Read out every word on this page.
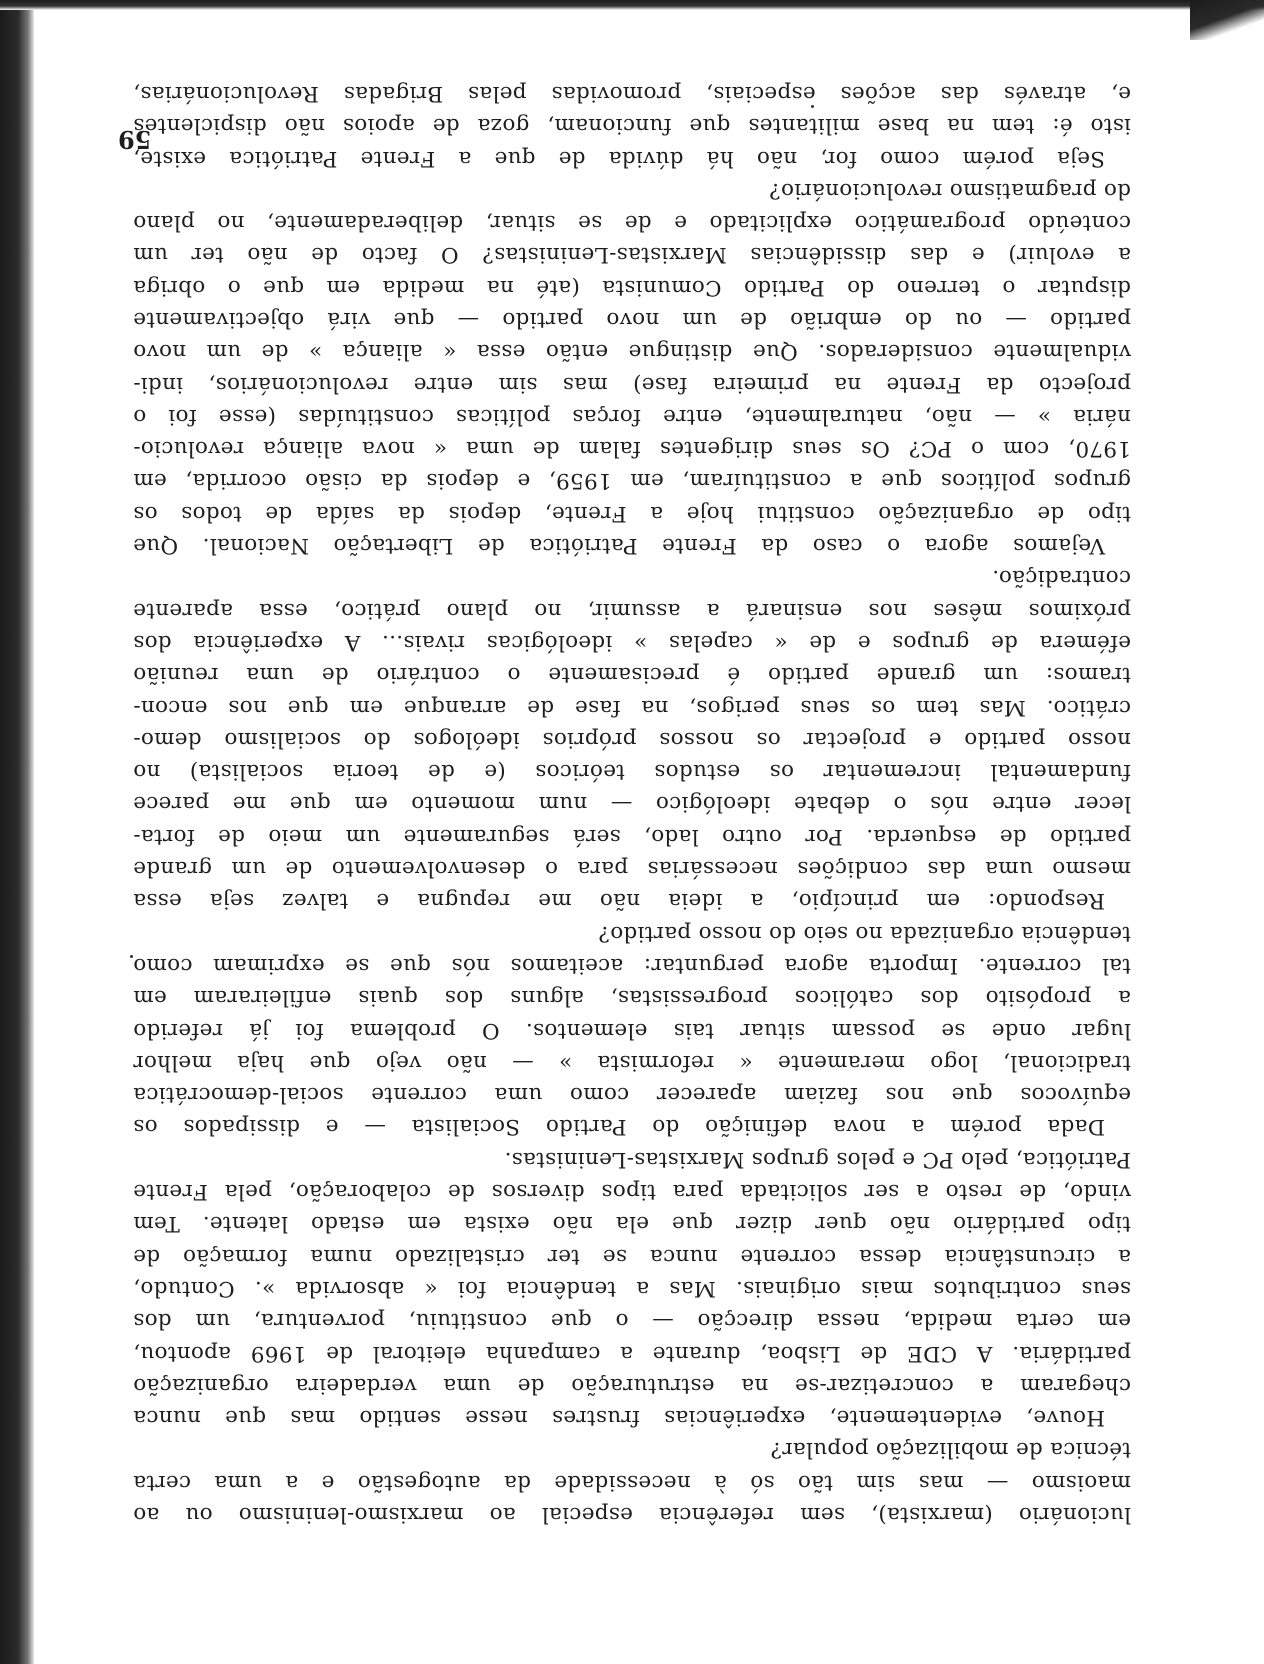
59
lucionário (marxista), sem referência especial ao marxismo-leninismo ou ao
maoismo — mas sim tão só à necessidade da autogestão e a uma certa
técnica de mobilização popular?
Houve, evidentemente, experiências frustres nesse sentido mas que nunca
chegaram a concretizar-se na estruturação de uma verdadeira organização
partidária. A CDE de Lisboa, durante a campanha eleitoral de 1969 apontou,
em certa medida, nessa direcção — o que constituiu, porventura, um dos
seus contributos mais originais. Mas a tendência foi « absorvida ». Contudo,
a circunstância dessa corrente nunca se ter cristalizado numa formação de
tipo partidário não quer dizer que ela não exista em estado latente. Tem
vindo, de resto a ser solicitada para tipos diversos de colaboração, pela Frente
Patriótica, pelo PC e pelos grupos Marxistas-Leninistas.
Dada porém a nova definição do Partido Socialista — e dissipados os
equívocos que nos faziam aparecer como uma corrente social-democrática
tradicional, logo meramente « reformista » — não vejo que haja melhor
lugar onde se possam situar tais elementos. O problema foi já referido
a propósito dos católicos progressistas, alguns dos quais enfileiraram em
tal corrente. Importa agora perguntar: aceitamos nós que se exprimam como
tendência organizada no seio do nosso partido?
Respondo: em princípio, a ideia não me repugna e talvez seja essa
mesmo uma das condições necessárias para o desenvolvemento de um grande
partido de esquerda. Por outro lado, será seguramente um meio de forta-
lecer entre nós o debate ideológico — num momento em que me parece
fundamental incrementar os estudos teóricos (e de teoria socialista) no
nosso partido e projectar os nossos próprios ideólogos do socialismo demo-
crático. Mas tem os seus perigos, na fase de arranque em que nos encon-
tramos: um grande partido é precisamente o contrário de uma reunião
efémera de grupos e de « capelas » ideológicas rivais... A experiência dos
próximos mêses nos ensinará a assumir, no plano prático, essa aparente
contradição.
Vejamos agora o caso da Frente Patriótica de Libertação Nacional. Que
tipo de organização constitui hoje a Frente, depois da saída de todos os
grupos políticos que a constituíram, em 1959, e depois da cisão ocorrida, em
1970, com o PC? Os seus dirigentes falam de uma « nova aliança revolucio-
nária » — não, naturalmente, entre forças políticas constituídas (esse foi o
projecto da Frente na primeira fase) mas sim entre revolucionários, indi-
vidualmente considerados. Que distingue então essa « aliança » de um novo
partido — ou do embrião de um novo partido — que virá objectivamente
disputar o terreno do Partido Comunista (até na medida em que o obriga
a evoluir) e das dissidências Marxistas-Leninistas? O facto de não ter um
conteúdo programático explicitado e de se situar, deliberadamente, no plano
do pragmatismo revolucionário?
Seja porém como for, não há dúvida de que a Frente Patriótica existe,
isto é: tem na base militantes que funcionam, goza de apoios não dispiclentes
e, através das acções especiais, promovidas pelas Brigadas Revolucionárias,
